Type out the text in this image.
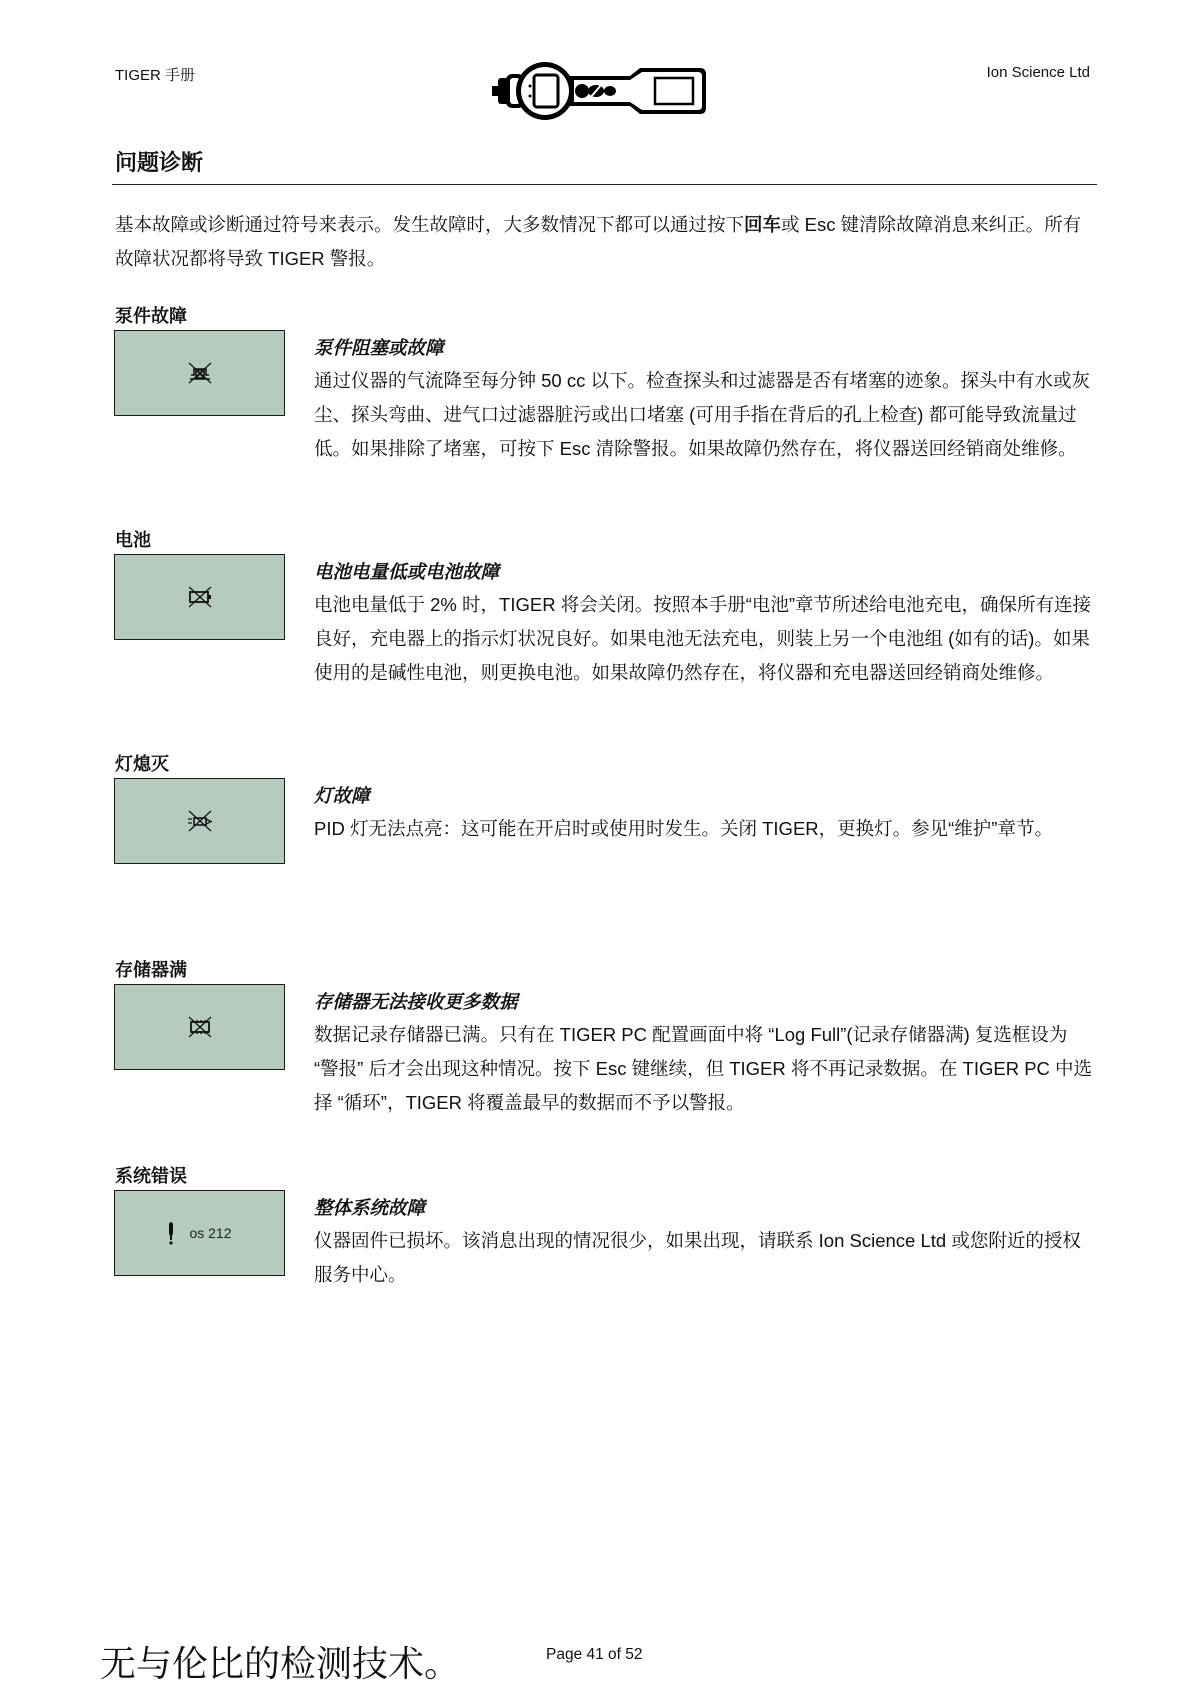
TIGER 手册	Ion Science Ltd
问题诊断
基本故障或诊断通过符号来表示。发生故障时，大多数情况下都可以通过按下回车或 Esc 键清除故障消息来纠正。所有故障状况都将导致 TIGER 警报。
泵件故障
泵件阻塞或故障
通过仪器的气流降至每分钟 50 cc 以下。检查探头和过滤器是否有堵塞的迹象。探头中有水或灰尘、探头弯曲、进气口过滤器脏污或出口堵塞 (可用手指在背后的孔上检查) 都可能导致流量过低。如果排除了堵塞，可按下 Esc 清除警报。如果故障仍然存在，将仪器送回经销商处维修。
电池
电池电量低或电池故障
电池电量低于 2% 时，TIGER 将会关闭。按照本手册“电池”章节所述给电池充电，确保所有连接良好，充电器上的指示灯状况良好。如果电池无法充电，则装上另一个电池组 (如有的话)。如果使用的是碱性电池，则更换电池。如果故障仍然存在，将仪器和充电器送回经销商处维修。
灯熄灭
灯故障
PID 灯无法点亮：这可能在开启时或使用时发生。关闭 TIGER，更换灯。参见“维护”章节。
存储器满
存储器无法接收更多数据
数据记录存储器已满。只有在 TIGER PC 配置画面中将 “Log Full”(记录存储器满) 复选框设为 “警报” 后才会出现这种情况。按下 Esc 键继续，但 TIGER 将不再记录数据。在 TIGER PC 中选择 “循环”，TIGER 将覆盖最早的数据而不予以警报。
系统错误
os 212
整体系统故障
仪器固件已损坏。该消息出现的情况很少，如果出现，请联系 Ion Science Ltd 或您附近的授权服务中心。
无与伦比的检测技术。	Page 41 of 52
